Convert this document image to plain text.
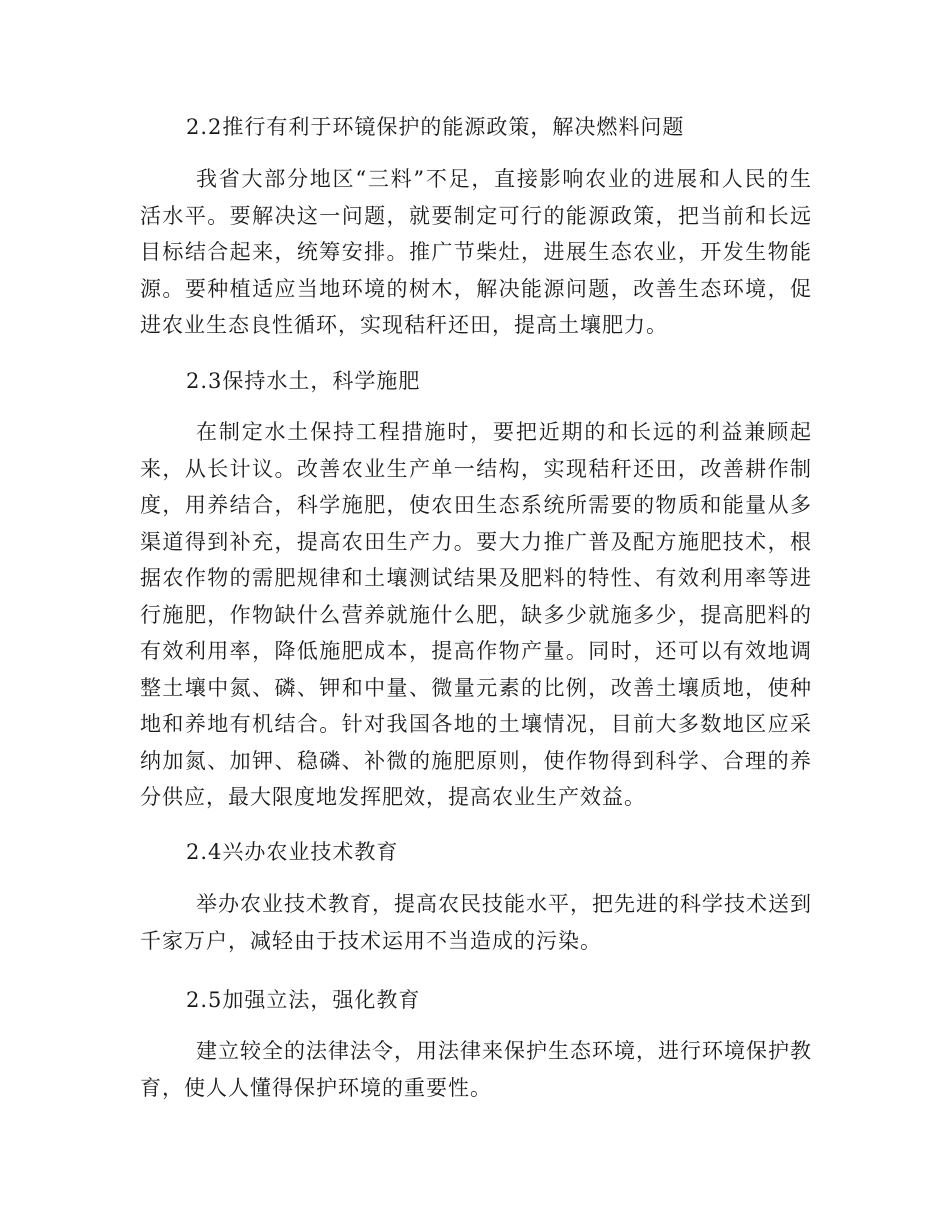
2.2推行有利于环镜保护的能源政策，解决燃料问题

我省大部分地区“三料”不足，直接影响农业的进展和人民的生活水平。要解决这一问题，就要制定可行的能源政策，把当前和长远目标结合起来，统筹安排。推广节柴灶，进展生态农业，开发生物能源。要种植适应当地环境的树木，解决能源问题，改善生态环境，促进农业生态良性循环，实现秸秆还田，提高土壤肥力。

2.3保持水土，科学施肥

在制定水土保持工程措施时，要把近期的和长远的利益兼顾起来，从长计议。改善农业生产单一结构，实现秸秆还田，改善耕作制度，用养结合，科学施肥，使农田生态系统所需要的物质和能量从多渠道得到补充，提高农田生产力。要大力推广普及配方施肥技术，根据农作物的需肥规律和土壤测试结果及肥料的特性、有效利用率等进行施肥，作物缺什么营养就施什么肥，缺多少就施多少，提高肥料的有效利用率，降低施肥成本，提高作物产量。同时，还可以有效地调整土壤中氮、磷、钾和中量、微量元素的比例，改善土壤质地，使种地和养地有机结合。针对我国各地的土壤情况，目前大多数地区应采纳加氮、加钾、稳磷、补微的施肥原则，使作物得到科学、合理的养分供应，最大限度地发挥肥效，提高农业生产效益。

2.4兴办农业技术教育

举办农业技术教育，提高农民技能水平，把先进的科学技术送到千家万户，减轻由于技术运用不当造成的污染。

2.5加强立法，强化教育

建立较全的法律法令，用法律来保护生态环境，进行环境保护教育，使人人懂得保护环境的重要性。
